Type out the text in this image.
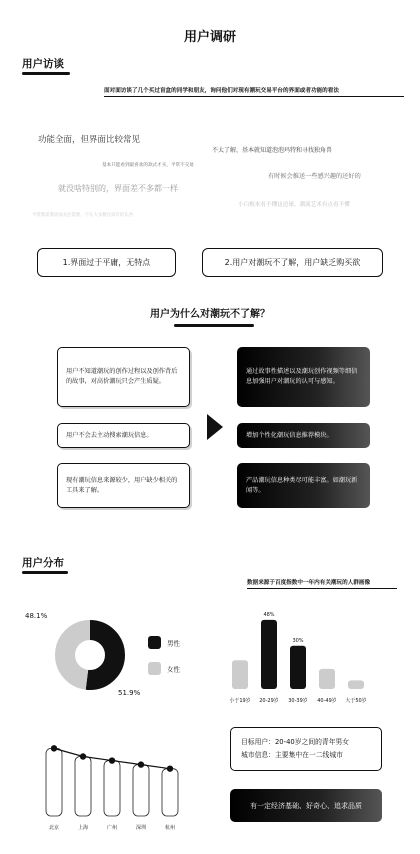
用户调研
用户访谈
面对面访谈了几个买过盲盒的同学和朋友，询问他们对现有潮玩交易平台的界面或者功能的看法
功能全面，但界面比较常见
不太了解，基本就知道泡泡玛特和寻找独角兽
基本只能看到最喜欢的款式才买，平常不交易
有时候会推送一些感兴趣的还好的
就没啥特别的，界面差不多都一样
小白根本看不懂这边球，潮流艺术有点看不懂
平常都需要添加关注需要，不在大多数应该有的东西
1.界面过于平庸，无特点	2.用户对潮玩不了解，用户缺乏购买欲
用户为什么对潮玩不了解？
用户不知道潮玩的创作过程以及创作背后的故事，对高价潮玩只会产生质疑。
用户不会去主动搜索潮玩信息。
现有潮玩信息来源较少，用户缺少相关的工具来了解。
通过故事性描述以及潮玩创作视频等细信息加强用户对潮玩的认可与感知。
增加个性化潮玩信息推荐模块。
产品潮玩信息种类尽可能丰富。如潮玩新闻等。
用户分布
数据来源于百度指数中一年内有关潮玩的人群画像
51.9%
48.1%
男性
女性
小于19岁
48%
20-29岁
30%
30-39岁 40-49岁 大于50岁
北京	上海	广州	深圳	杭州
目标用户：20-40岁之间的青年男女
城市信息：主要集中在一二线城市
有一定经济基础、好奇心、追求品质
